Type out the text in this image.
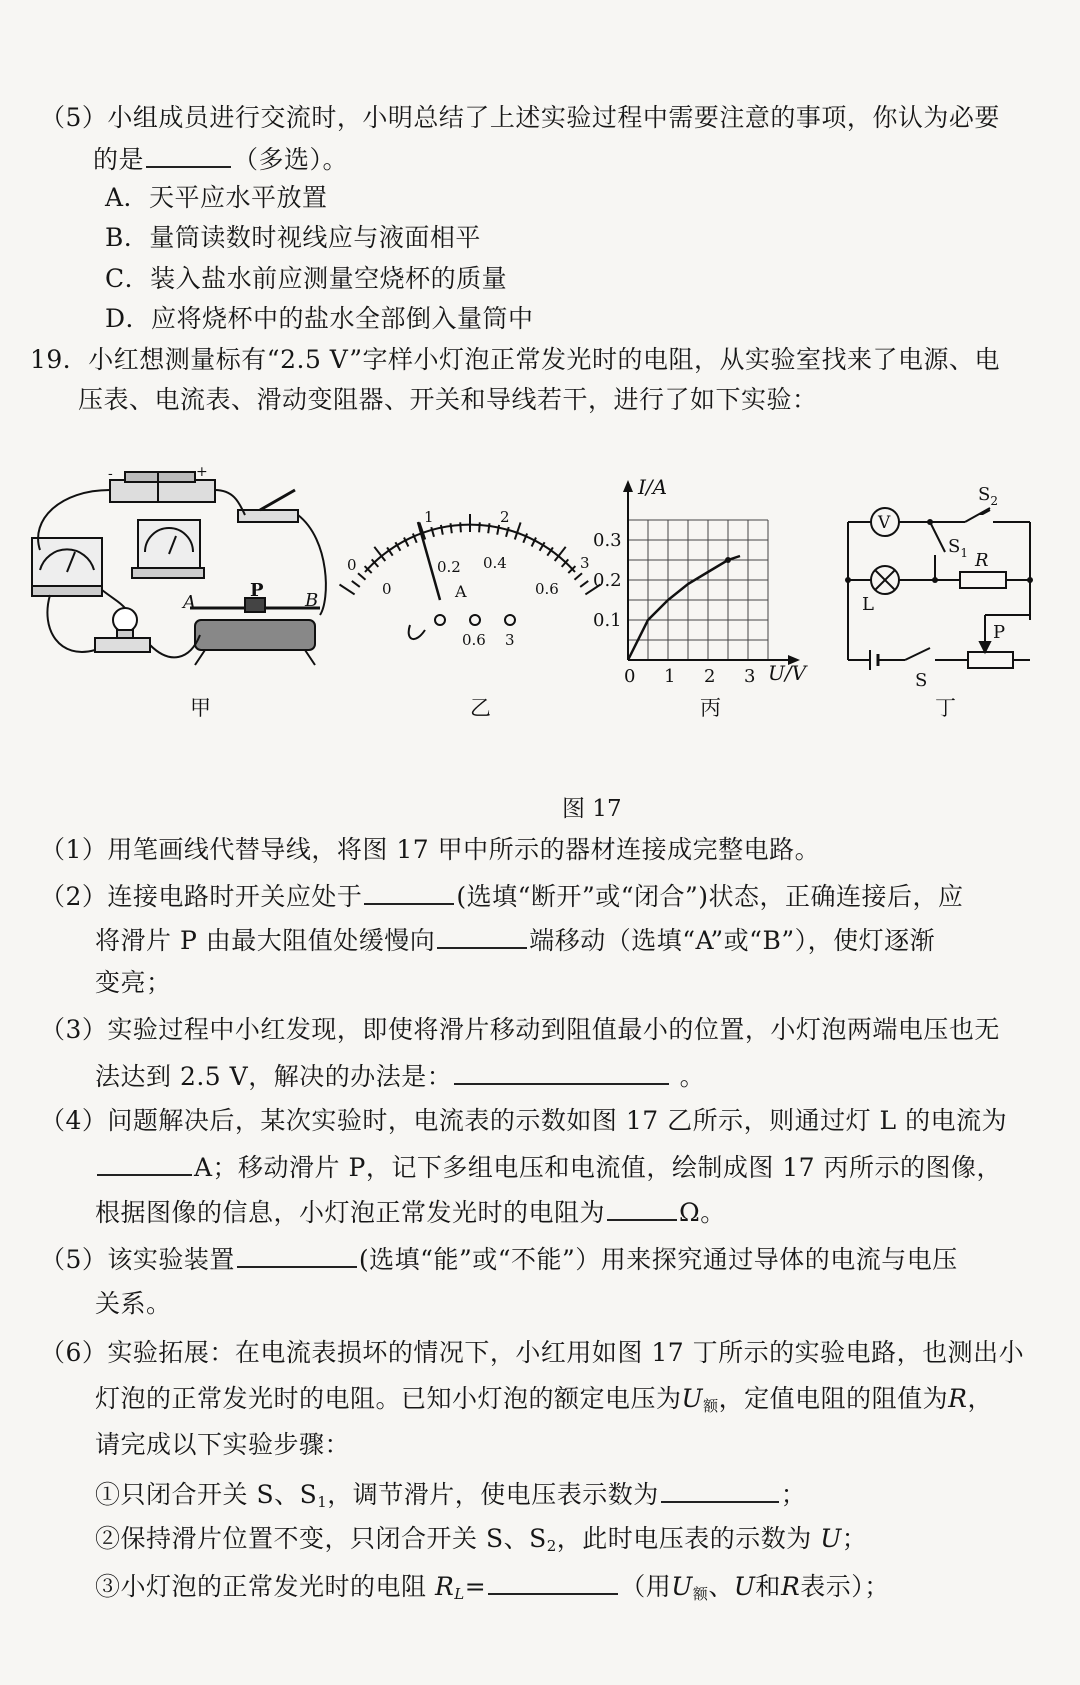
（5）小组成员进行交流时，小明总结了上述实验过程中需要注意的事项，你认为必要
的是	（多选）。
A．天平应水平放置
B．量筒读数时视线应与液面相平
C．装入盐水前应测量空烧杯的质量
D．应将烧杯中的盐水全部倒入量筒中
19．小红想测量标有“2.5 V”字样小灯泡正常发光时的电阻，从实验室找来了电源、电
压表、电流表、滑动变阻器、开关和导线若干，进行了如下实验：
-	+
A	B
P
0
1	2
3
0
0.2 0.4
0.6
A
0.6 3
I/A
U/V
0.1
0.2
0.3
0 1 2 3
V
$S_2$
$S_1$ R
L
P
S
甲	乙	丙	丁
图 17
（1）用笔画线代替导线，将图 17 甲中所示的器材连接成完整电路。
（2）连接电路时开关应处于	(选填“断开”或“闭合”)状态，正确连接后，应
将滑片 P 由最大阻值处缓慢向	端移动（选填“A”或“B”），使灯逐渐
变亮；
（3）实验过程中小红发现，即使将滑片移动到阻值最小的位置，小灯泡两端电压也无
法达到 2.5 V，解决的办法是：	。
（4）问题解决后，某次实验时，电流表的示数如图 17 乙所示，则通过灯 L 的电流为
A；移动滑片 P，记下多组电压和电流值，绘制成图 17 丙所示的图像，
根据图像的信息，小灯泡正常发光时的电阻为	Ω。
（5）该实验装置	(选填“能”或“不能”）用来探究通过导体的电流与电压
关系。
（6）实验拓展：在电流表损坏的情况下，小红用如图 17 丁所示的实验电路，也测出小
灯泡的正常发光时的电阻。已知小灯泡的额定电压为$U_额$，定值电阻的阻值为R，
请完成以下实验步骤：
①只闭合开关 S、$S_1$，调节滑片，使电压表示数为	；
②保持滑片位置不变，只闭合开关 S、$S_2$，此时电压表的示数为 U；
③小灯泡的正常发光时的电阻 $R_L=$	（用$U_额$、U和R表示）；
